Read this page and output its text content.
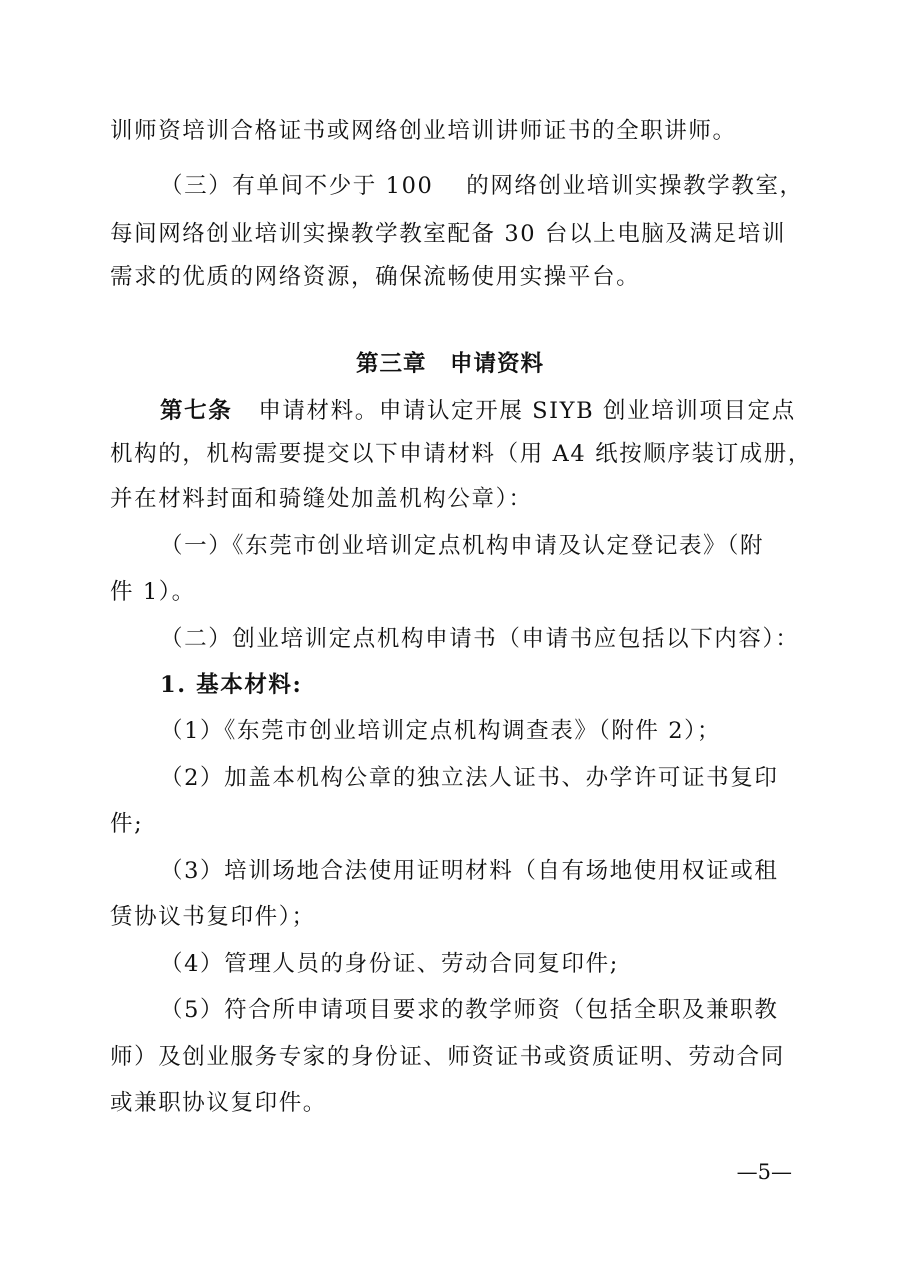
训师资培训合格证书或网络创业培训讲师证书的全职讲师。
（三）有单间不少于 100　 的网络创业培训实操教学教室，
每间网络创业培训实操教学教室配备 30 台以上电脑及满足培训
需求的优质的网络资源，确保流畅使用实操平台。
第三章　申请资料
第七条 申请材料。申请认定开展 SIYB 创业培训项目定点
机构的，机构需要提交以下申请材料（用 A4 纸按顺序装订成册，
并在材料封面和骑缝处加盖机构公章）：
（一）《东莞市创业培训定点机构申请及认定登记表》（附
件 1）。
（二）创业培训定点机构申请书（申请书应包括以下内容）：
1. 基本材料:
（1）《东莞市创业培训定点机构调查表》（附件 2）；
（2）加盖本机构公章的独立法人证书、办学许可证书复印
件;
（3）培训场地合法使用证明材料（自有场地使用权证或租
赁协议书复印件）；
（4）管理人员的身份证、劳动合同复印件;
（5）符合所申请项目要求的教学师资（包括全职及兼职教
师）及创业服务专家的身份证、师资证书或资质证明、劳动合同
或兼职协议复印件。
—5—
